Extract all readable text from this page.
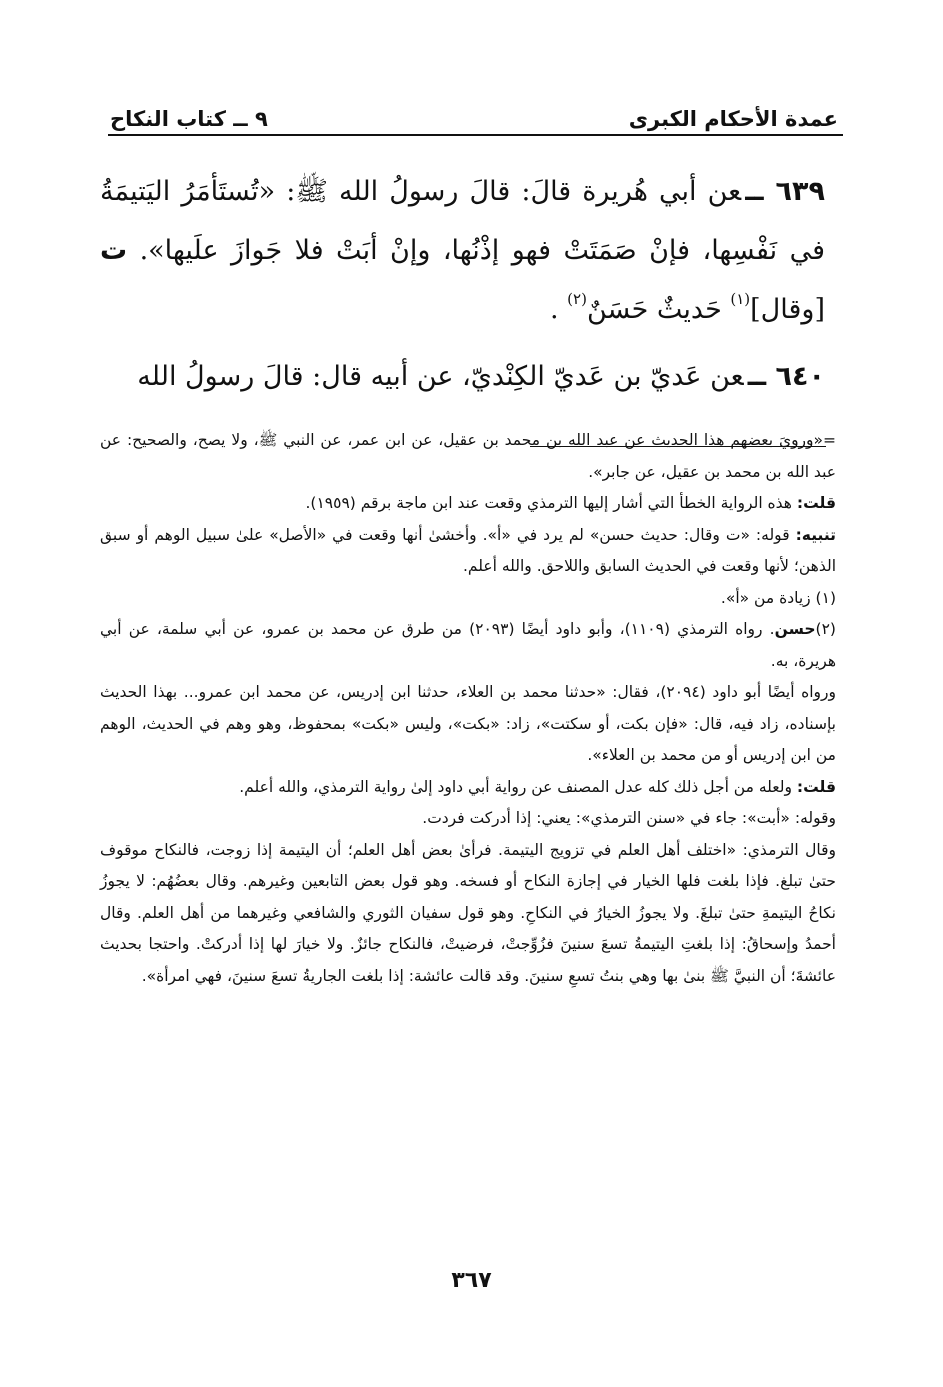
عمدة الأحكام الكبرى
٩ ــ كتاب النكاح

٦٣٩ ــعن أبي هُريرة قالَ: قالَ رسولُ الله ﷺ: «تُستَأمَرُ اليَتيمَةُ في نَفْسِها، فإنْ صَمَتَتْ فهو إذْنُها، وإنْ أبَتْ فلا جَوازَ علَيها». ت [وقال]$^{(١)}$ حَديثٌ حَسَنٌ$^{(٢)}$ .

٦٤٠ ــعن عَديّ بن عَديّ الكِنْديّ، عن أبيه قال: قالَ رسولُ الله

=«ورويَ بعضهم هذا الحديث عن عبد الله بن محمد بن عقيل، عن ابن عمر، عن النبي ﷺ، ولا يصح، والصحيح: عن عبد الله بن محمد بن عقيل، عن جابر».

قلت: هذه الرواية الخطأ التي أشار إليها الترمذي وقعت عند ابن ماجة برقم (١٩٥٩).

تنبيه: قوله: «ت وقال: حديث حسن» لم يرد في «أ». وأخشىٰ أنها وقعت في «الأصل» علىٰ سبيل الوهم أو سبق الذهن؛ لأنها وقعت في الحديث السابق واللاحق. والله أعلم.

(١) زيادة من «أ».

(٢)حسن. رواه الترمذي (١١٠٩)، وأبو داود أيضًا (٢٠٩٣) من طرق عن محمد بن عمرو، عن أبي سلمة، عن أبي هريرة، به.

ورواه أيضًا أبو داود (٢٠٩٤)، فقال: «حدثنا محمد بن العلاء، حدثنا ابن إدريس، عن محمد ابن عمرو... بهذا الحديث بإسناده، زاد فيه، قال: «فإن بكت، أو سكتت»، زاد: «بكت»، وليس «بكت» بمحفوظ، وهو وهم في الحديث، الوهم من ابن إدريس أو من محمد بن العلاء».

قلت: ولعله من أجل ذلك كله عدل المصنف عن رواية أبي داود إلىٰ رواية الترمذي، والله أعلم.

وقوله: «أبت»: جاء في «سنن الترمذي»: يعني: إذا أدركت فردت.

وقال الترمذي: «اختلف أهل العلم في تزويج اليتيمة. فرأىٰ بعض أهل العلم؛ أن اليتيمة إذا زوجت، فالنكاح موقوف حتىٰ تبلغ. فإذا بلغت فلها الخيار في إجازة النكاح أو فسخه. وهو قول بعض التابعين وغيرهم. وقال بعضُهُم: لا يجوزُ نكاحُ اليتيمةِ حتىٰ تبلغَ. ولا يجوزُ الخيارُ في النكاحِ. وهو قول سفيان الثوري والشافعي وغيرهما من أهل العلم. وقال أحمدُ وإسحاقُ: إذا بلغتِ اليتيمةُ تسعَ سنينَ فزُوِّجتْ، فرضيتْ، فالنكاح جائزٌ. ولا خيارَ لها إذا أدركتْ. واحتجا بحديث عائشةَ؛ أن النبيَّ ﷺ بنىٰ بها وهي بنتُ تسعِ سنينَ. وقد قالت عائشة: إذا بلغت الجاريةُ تسعَ سنينَ، فهي امرأة».

٣٦٧
